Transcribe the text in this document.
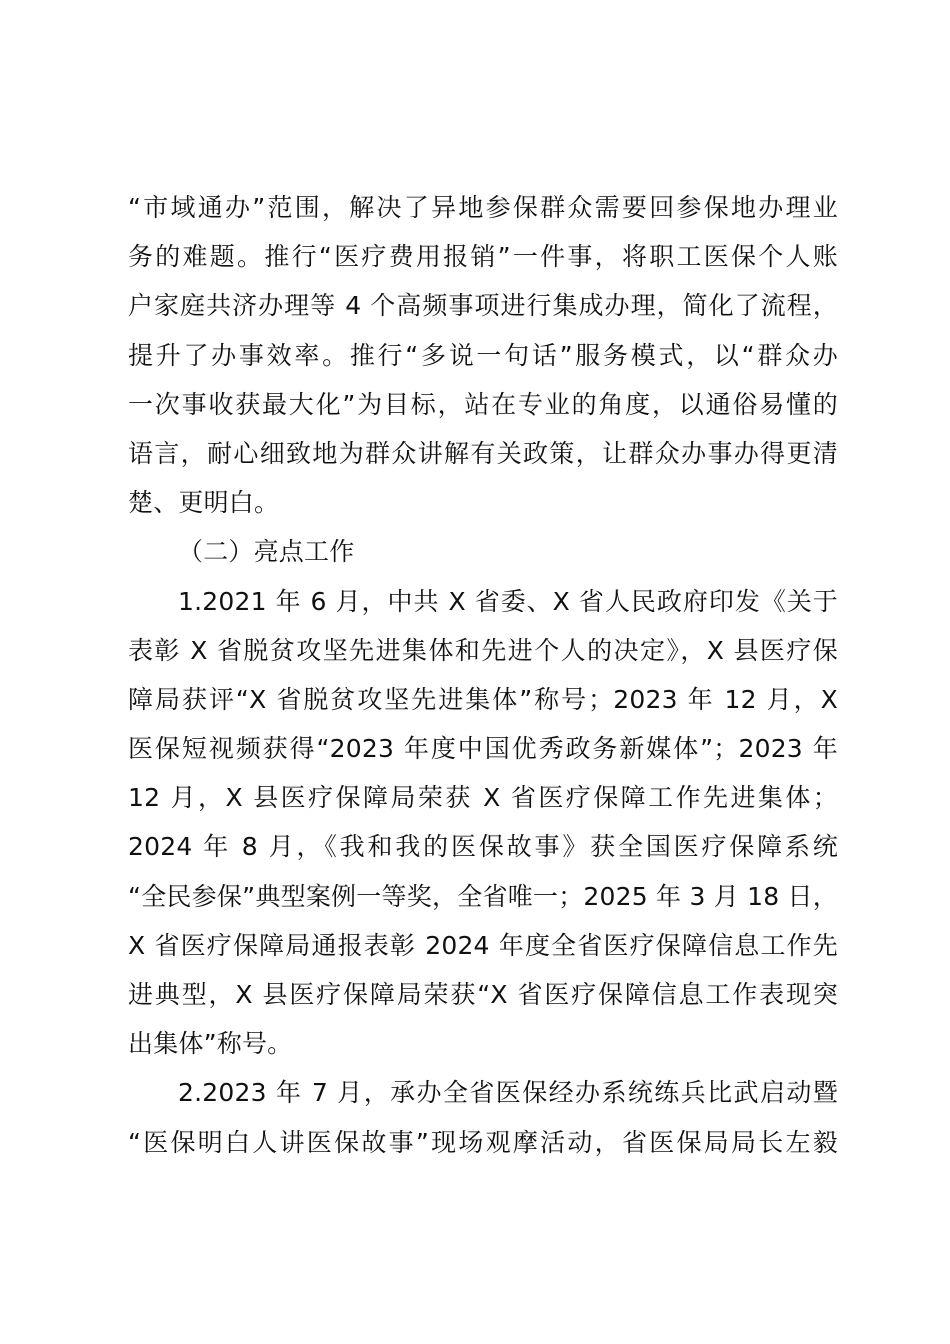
“市域通办”范围，解决了异地参保群众需要回参保地办理业
务的难题。推行“医疗费用报销”一件事，将职工医保个人账
户家庭共济办理等 4 个高频事项进行集成办理，简化了流程，
提升了办事效率。推行“多说一句话”服务模式，以“群众办
一次事收获最大化”为目标，站在专业的角度，以通俗易懂的
语言，耐心细致地为群众讲解有关政策，让群众办事办得更清
楚、更明白。
（二）亮点工作
1.2021 年 6 月，中共 X 省委、X 省人民政府印发《关于
表彰 X 省脱贫攻坚先进集体和先进个人的决定》，X 县医疗保
障局获评“X 省脱贫攻坚先进集体”称号；2023 年 12 月，X
医保短视频获得“2023 年度中国优秀政务新媒体”；2023 年
12 月，X 县医疗保障局荣获 X 省医疗保障工作先进集体；
2024 年 8 月，《我和我的医保故事》获全国医疗保障系统
“全民参保”典型案例一等奖，全省唯一；2025 年 3 月 18 日，
X 省医疗保障局通报表彰 2024 年度全省医疗保障信息工作先
进典型，X 县医疗保障局荣获“X 省医疗保障信息工作表现突
出集体”称号。
2.2023 年 7 月，承办全省医保经办系统练兵比武启动暨
“医保明白人讲医保故事”现场观摩活动，省医保局局长左毅
